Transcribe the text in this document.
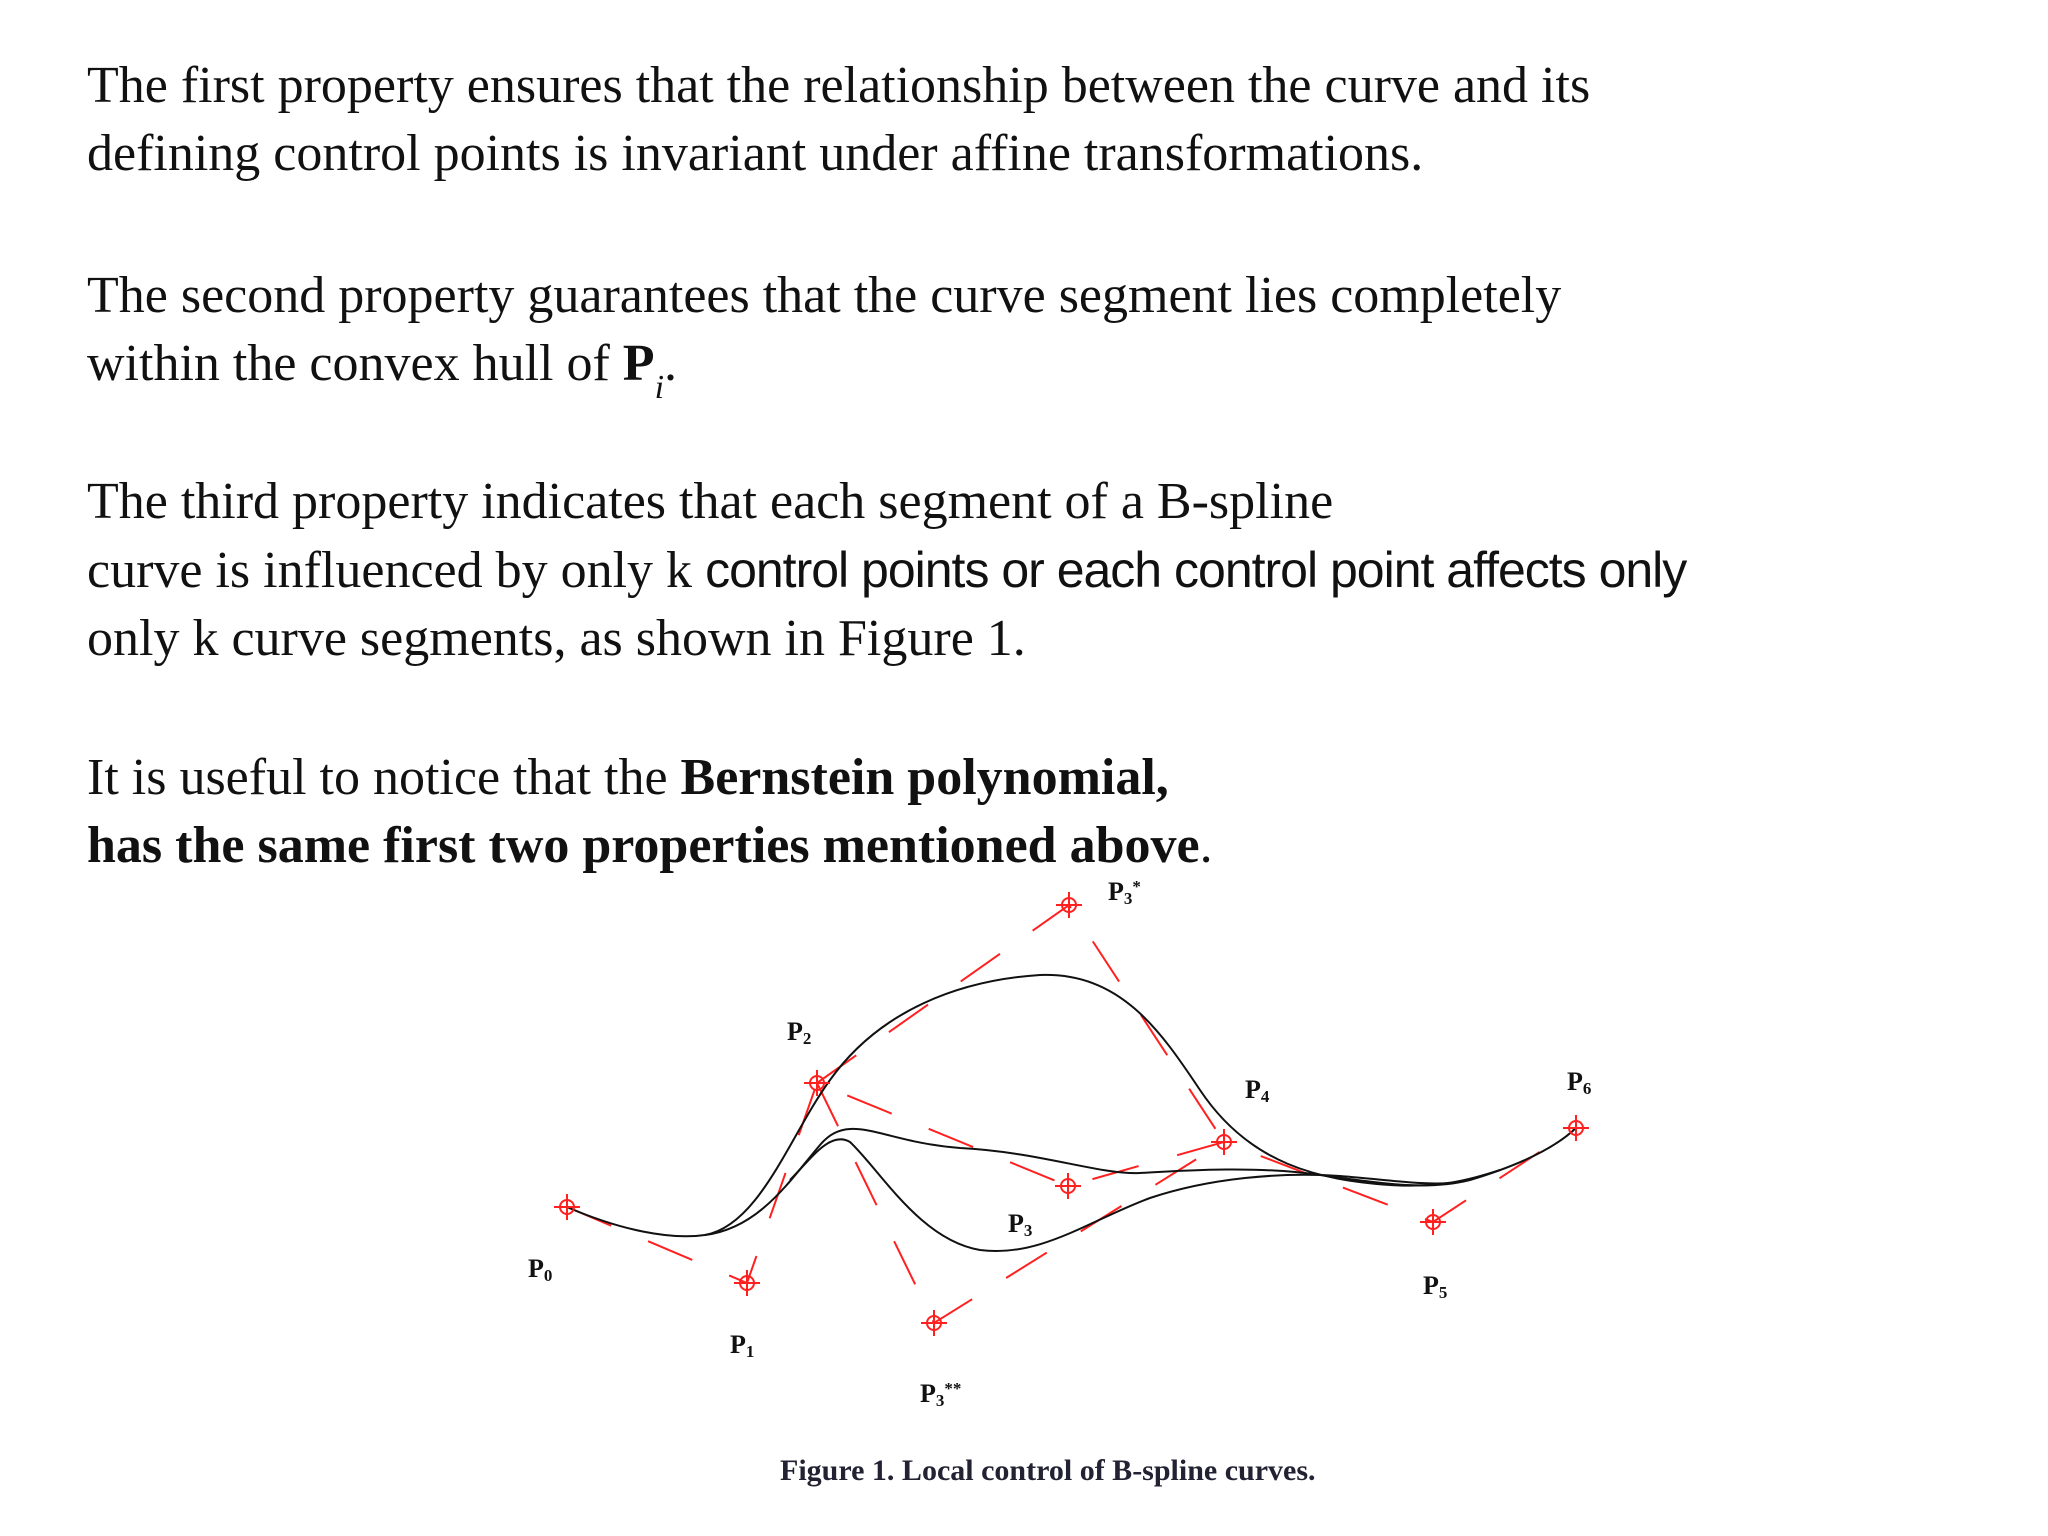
The first property ensures that the relationship between the curve and its
defining control points is invariant under affine transformations.
The second property guarantees that the curve segment lies completely
within the convex hull of $P_i$.
The third property indicates that each segment of a B-spline
curve is influenced by only k control points or each control point affects only
only k curve segments, as shown in Figure 1.
It is useful to notice that the Bernstein polynomial,
has the same first two properties mentioned above.
P0
P1
P2
P3
P3*
P3**
P4
P5
P6
Figure 1. Local control of B-spline curves.
